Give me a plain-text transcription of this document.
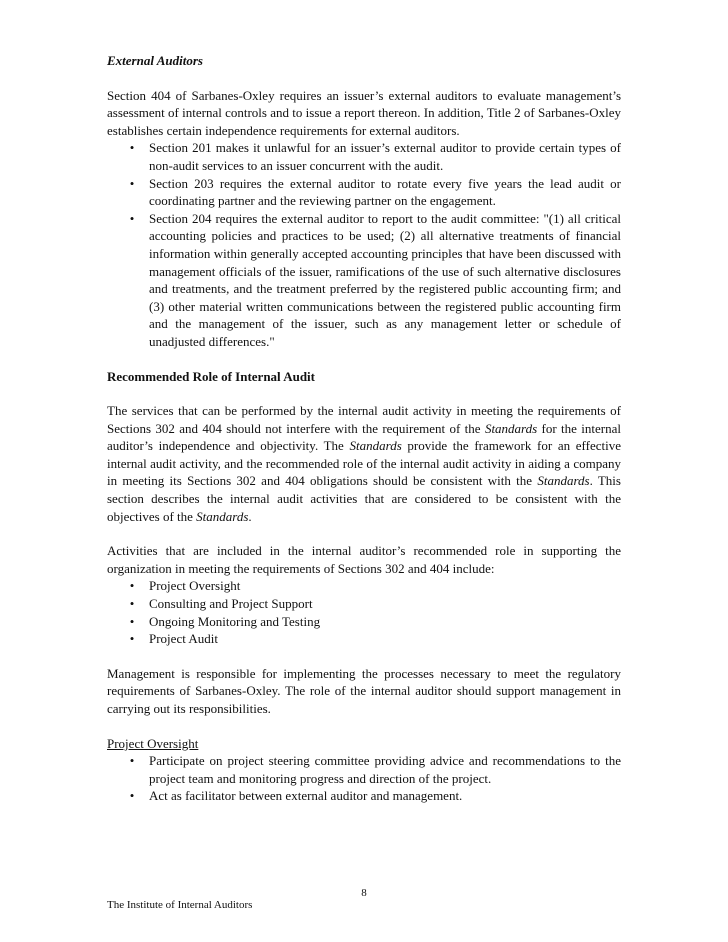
External Auditors

Section 404 of Sarbanes-Oxley requires an issuer’s external auditors to evaluate management’s assessment of internal controls and to issue a report thereon. In addition, Title 2 of Sarbanes-Oxley establishes certain independence requirements for external auditors.

• Section 201 makes it unlawful for an issuer’s external auditor to provide certain types of non-audit services to an issuer concurrent with the audit.
• Section 203 requires the external auditor to rotate every five years the lead audit or coordinating partner and the reviewing partner on the engagement.
• Section 204 requires the external auditor to report to the audit committee: "(1) all critical accounting policies and practices to be used; (2) all alternative treatments of financial information within generally accepted accounting principles that have been discussed with management officials of the issuer, ramifications of the use of such alternative disclosures and treatments, and the treatment preferred by the registered public accounting firm; and (3) other material written communications between the registered public accounting firm and the management of the issuer, such as any management letter or schedule of unadjusted differences."
Recommended Role of Internal Audit

The services that can be performed by the internal audit activity in meeting the requirements of Sections 302 and 404 should not interfere with the requirement of the Standards for the internal auditor’s independence and objectivity. The Standards provide the framework for an effective internal audit activity, and the recommended role of the internal audit activity in aiding a company in meeting its Sections 302 and 404 obligations should be consistent with the Standards. This section describes the internal audit activities that are considered to be consistent with the objectives of the Standards.

Activities that are included in the internal auditor’s recommended role in supporting the organization in meeting the requirements of Sections 302 and 404 include:

• Project Oversight
• Consulting and Project Support
• Ongoing Monitoring and Testing
• Project Audit

Management is responsible for implementing the processes necessary to meet the regulatory requirements of Sarbanes-Oxley. The role of the internal auditor should support management in carrying out its responsibilities.

Project Oversight
• Participate on project steering committee providing advice and recommendations to the project team and monitoring progress and direction of the project.
• Act as facilitator between external auditor and management.
8
The Institute of Internal Auditors
